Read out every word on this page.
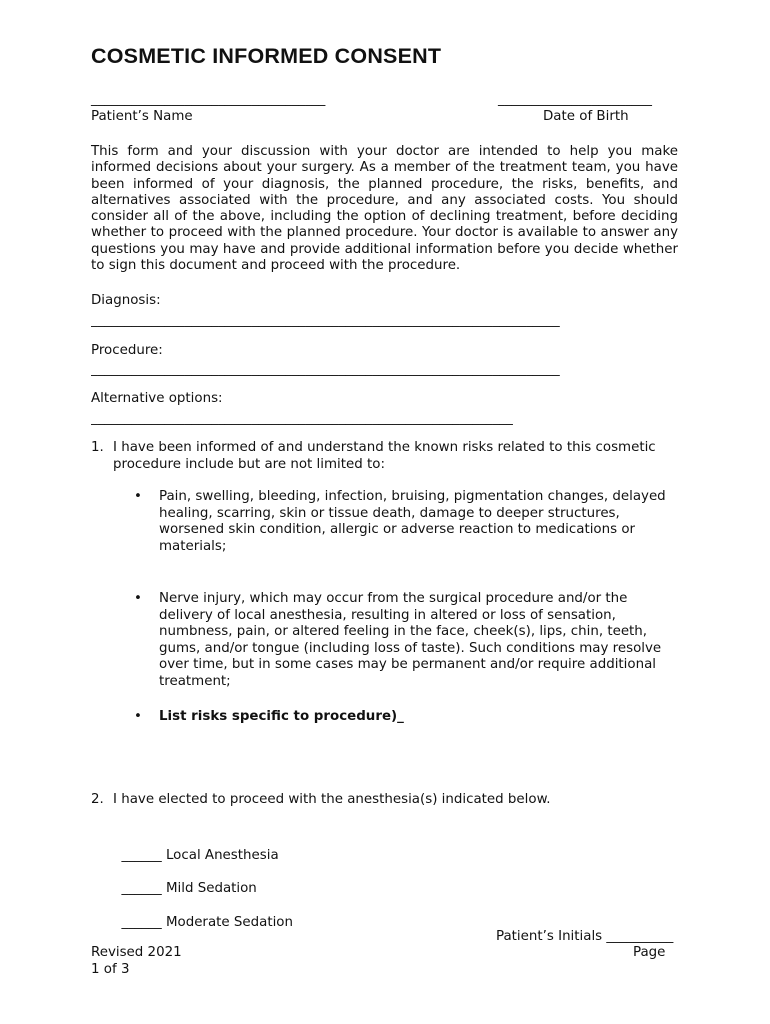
COSMETIC INFORMED CONSENT
___________________________________
Patient’s Name
_______________________
Date of Birth
This form and your discussion with your doctor are intended to help you make informed decisions about your surgery. As a member of the treatment team, you have been informed of your diagnosis, the planned procedure, the risks, benefits, and alternatives associated with the procedure, and any associated costs. You should consider all of the above, including the option of declining treatment, before deciding whether to proceed with the planned procedure. Your doctor is available to answer any questions you may have and provide additional information before you decide whether to sign this document and proceed with the procedure.
Diagnosis:
______________________________________________________________________
Procedure:
______________________________________________________________________
Alternative options:
_______________________________________________________________
1. I have been informed of and understand the known risks related to this cosmetic procedure include but are not limited to:
• Pain, swelling, bleeding, infection, bruising, pigmentation changes, delayed healing, scarring, skin or tissue death, damage to deeper structures, worsened skin condition, allergic or adverse reaction to medications or materials;
• Nerve injury, which may occur from the surgical procedure and/or the delivery of local anesthesia, resulting in altered or loss of sensation, numbness, pain, or altered feeling in the face, cheek(s), lips, chin, teeth, gums, and/or tongue (including loss of taste). Such conditions may resolve over time, but in some cases may be permanent and/or require additional treatment;
• List risks specific to procedure)_
2. I have elected to proceed with the anesthesia(s) indicated below.

______ Local Anesthesia

______ Mild Sedation

______ Moderate Sedation

Patient’s Initials __________
Revised 2021	Page
1 of 3
